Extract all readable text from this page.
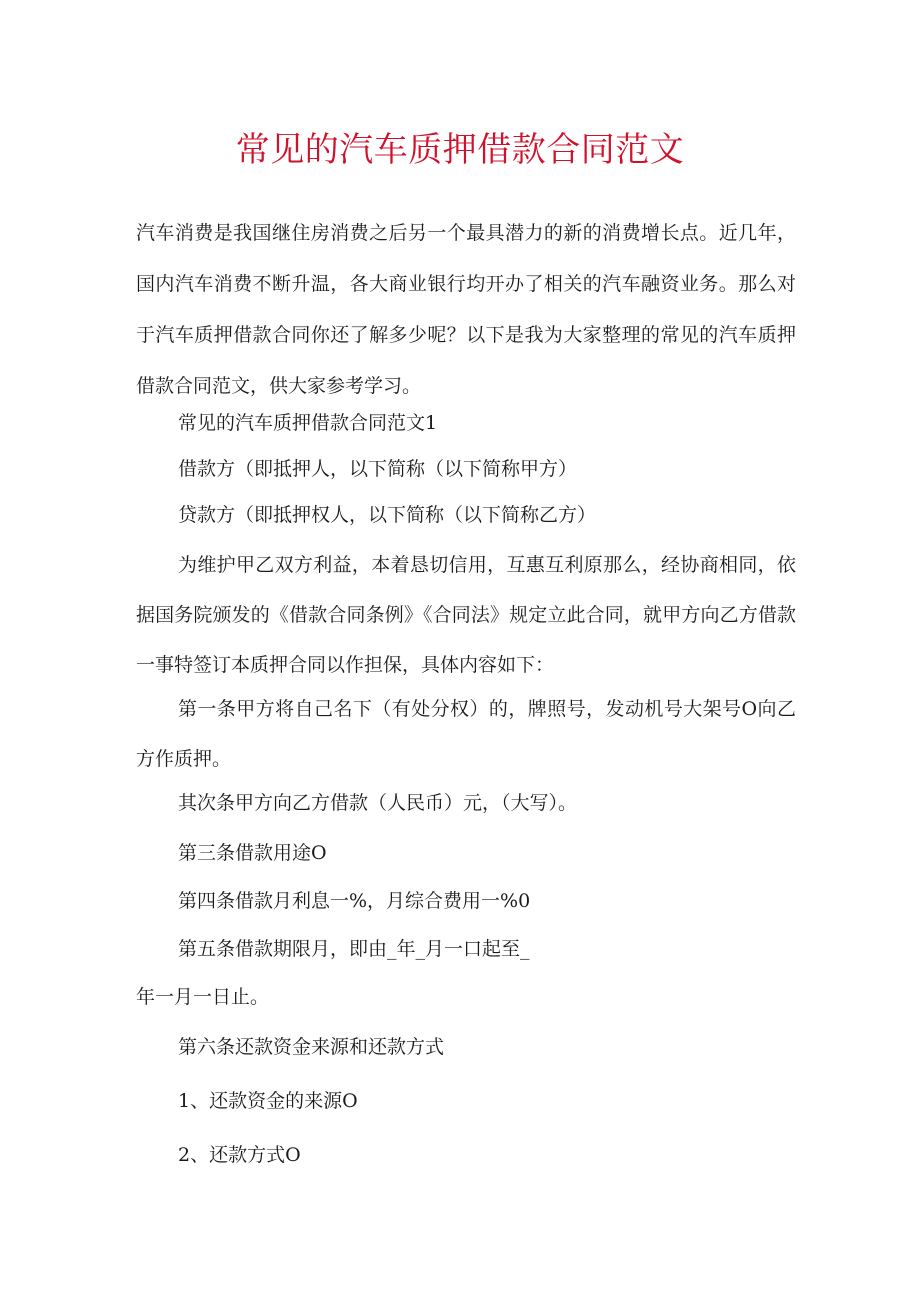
常见的汽车质押借款合同范文

汽车消费是我国继住房消费之后另一个最具潜力的新的消费增长点。近几年，国内汽车消费不断升温，各大商业银行均开办了相关的汽车融资业务。那么对于汽车质押借款合同你还了解多少呢？以下是我为大家整理的常见的汽车质押借款合同范文，供大家参考学习。

常见的汽车质押借款合同范文1

借款方（即抵押人，以下简称（以下简称甲方）

贷款方（即抵押权人，以下简称（以下简称乙方）

为维护甲乙双方利益，本着恳切信用，互惠互利原那么，经协商相同，依据国务院颁发的《借款合同条例》《合同法》规定立此合同，就甲方向乙方借款一事特签订本质押合同以作担保，具体内容如下：

第一条甲方将自己名下（有处分权）的，牌照号，发动机号大架号O向乙方作质押。

其次条甲方向乙方借款（人民币）元，（大写）。

第三条借款用途O

第四条借款月利息一%，月综合费用一%0

第五条借款期限月，即由_年_月一口起至_

年一月一日止。

第六条还款资金来源和还款方式

1、还款资金的来源O

2、还款方式O
